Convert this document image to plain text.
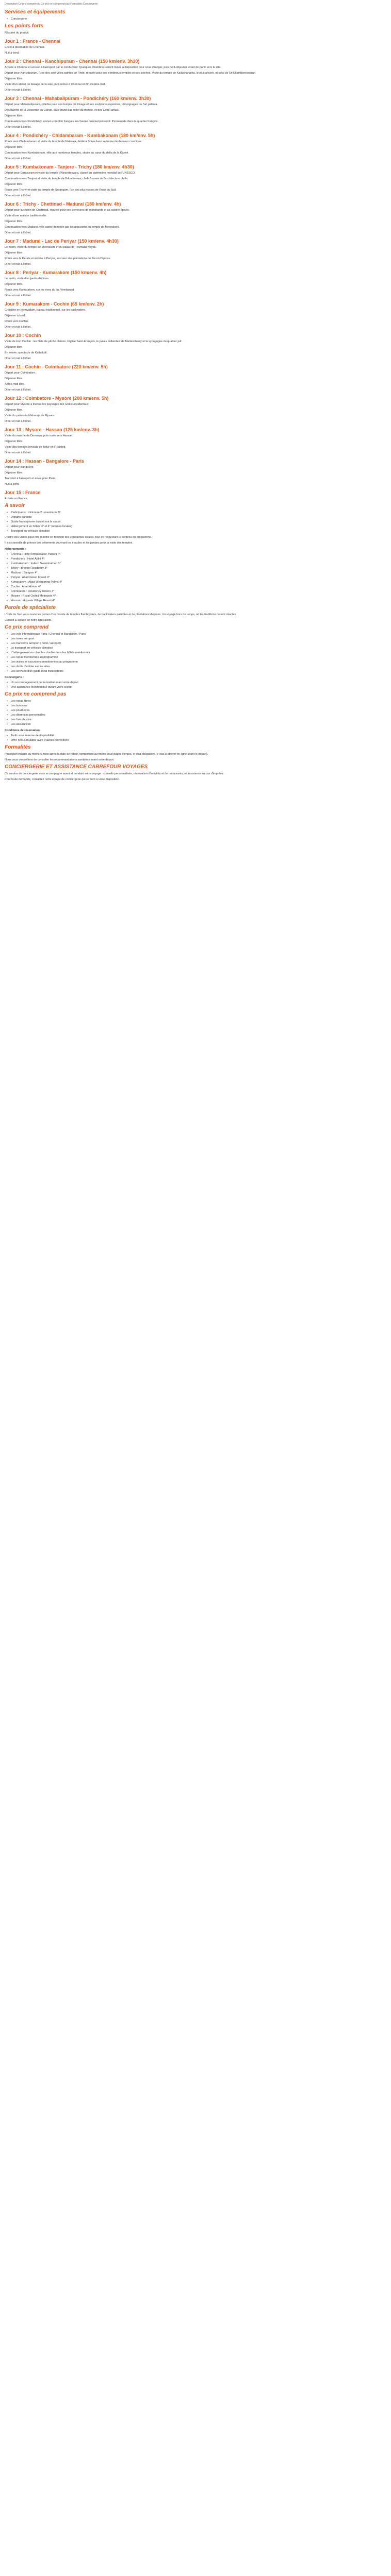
Description Ce prix comprend / Ce prix ne comprend pas Formalités Conciergerie
Services et équipements
• Conciergerie
Les points forts

Résumé du produit

Jour 1 : France - Chennai

Envol à destination de Chennai.

Nuit à bord.

Jour 2 : Chennai - Kanchipuram - Chennai (150 km/env. 3h30)

Arrivée à Chennai et accueil à l'aéroport par le conducteur. Quelques chambres seront mises à disposition pour vous changer, puis petit-déjeuner avant de partir vers le site.

Départ pour Kanchipuram, l'une des sept villes saintes de l'Inde, réputée pour ses nombreux temples et ses soieries. Visite du temple de Kailashanatha, le plus ancien, et celui de Sri Ekambareswarar.

Déjeuner libre.

Visite d'un atelier de tissage de la soie, puis retour à Chennai en fin d'après-midi.

Dîner et nuit à l'hôtel.

Jour 3 : Chennai - Mahabalipuram - Pondichéry (160 km/env. 3h30)

Départ pour Mahabalipuram, célèbre pour son temple du Rivage et ses sculptures rupestres, témoignages de l'art pallava.

Découverte de la Descente du Gange, plus grand bas-relief du monde, et des Cinq Rathas.

Déjeuner libre.

Continuation vers Pondichéry, ancien comptoir français au charme colonial préservé. Promenade dans le quartier français.

Dîner et nuit à l'hôtel.

Jour 4 : Pondichéry - Chidambaram - Kumbakonam (180 km/env. 5h)

Route vers Chidambaram et visite du temple de Nataraja, dédié à Shiva dans sa forme de danseur cosmique.

Déjeuner libre.

Continuation vers Kumbakonam, ville aux nombreux temples, située au cœur du delta de la Kaveri.

Dîner et nuit à l'hôtel.

Jour 5 : Kumbakonam - Tanjore - Trichy (180 km/env. 4h30)

Départ pour Darasuram et visite du temple d'Airavatesvara, classé au patrimoine mondial de l'UNESCO.

Continuation vers Tanjore et visite du temple de Brihadisvara, chef-d'œuvre de l'architecture chola.

Déjeuner libre.

Route vers Trichy et visite du temple de Srirangam, l'un des plus vastes de l'Inde du Sud.

Dîner et nuit à l'hôtel.

Jour 6 : Trichy - Chettinad - Madurai (180 km/env. 4h)

Départ pour la région de Chettinad, réputée pour ses demeures de marchands et sa cuisine épicée.

Visite d'une maison traditionnelle.

Déjeuner libre.

Continuation vers Madurai, ville sainte dominée par les gopurams du temple de Meenakshi.

Dîner et nuit à l'hôtel.

Jour 7 : Madurai - Lac de Periyar (150 km/env. 4h30)

Le matin, visite du temple de Meenakshi et du palais de Tirumalai Nayak.

Déjeuner libre.

Route vers le Kerala et arrivée à Periyar, au cœur des plantations de thé et d'épices.

Dîner et nuit à l'hôtel.

Jour 8 : Periyar - Kumarakom (150 km/env. 4h)

Le matin, visite d'un jardin d'épices.

Déjeuner libre.

Route vers Kumarakom, sur les rives du lac Vembanad.

Dîner et nuit à l'hôtel.

Jour 9 : Kumarakom - Cochin (65 km/env. 2h)

Croisière en kettuvallam, bateau traditionnel, sur les backwaters.

Déjeuner à bord.

Route vers Cochin.

Dîner et nuit à l'hôtel.

Jour 10 : Cochin

Visite de Fort Cochin : les filets de pêche chinois, l'église Saint-François, le palais hollandais de Mattancherry et la synagogue du quartier juif.

Déjeuner libre.

En soirée, spectacle de Kathakali.

Dîner et nuit à l'hôtel.

Jour 11 : Cochin - Coimbatore (220 km/env. 5h)

Départ pour Coimbatore.

Déjeuner libre.

Après-midi libre.

Dîner et nuit à l'hôtel.

Jour 12 : Coimbatore - Mysore (208 km/env. 5h)

Départ pour Mysore à travers les paysages des Ghâts occidentaux.

Déjeuner libre.

Visite du palais du Maharaja de Mysore.

Dîner et nuit à l'hôtel.

Jour 13 : Mysore - Hassan (125 km/env. 3h)

Visite du marché de Devaraja, puis route vers Hassan.

Déjeuner libre.

Visite des temples hoysala de Belur et d'Halebid.

Dîner et nuit à l'hôtel.

Jour 14 : Hassan - Bangalore - Paris

Départ pour Bangalore.

Déjeuner libre.

Transfert à l'aéroport et envol pour Paris.

Nuit à bord.

Jour 15 : France

Arrivée en France.

A savoir
• Participants : minimum 2 - maximum 22
• Départs garantis
• Guide francophone durant tout le circuit
• Hébergement en hôtels 3* et 4* (normes locales)
• Transport en véhicule climatisé

L'ordre des visites peut être modifié en fonction des contraintes locales, tout en respectant le contenu du programme.

Il est conseillé de prévoir des vêtements couvrant les épaules et les jambes pour la visite des temples.

Hébergements :
• Chennai : Hotel Ambassador Pallava 4*
• Pondichéry : Hotel Atithi 4*
• Kumbakonam : Indeco Swaminathan 3*
• Trichy : Breeze Residency 3*
• Madurai : Sangam 4*
• Periyar : Abad Green Forest 4*
• Kumarakom : Abad Whispering Palms 4*
• Cochin : Abad Atrium 4*
• Coimbatore : Residency Towers 4*
• Mysore : Royal Orchid Metropole 4*
• Hassan : Hoysala Village Resort 4*
Parole de spécialiste

L'Inde du Sud vous ouvre les portes d'un monde de temples flamboyants, de backwaters paisibles et de plantations d'épices. Un voyage hors du temps, où les traditions restent intactes.

Conseil & astuce de notre spécialiste.

Ce prix comprend
• Les vols internationaux Paris / Chennai et Bangalore / Paris
• Les taxes aéroport
• Les transferts aéroport / hôtel / aéroport
• Le transport en véhicule climatisé
• L'hébergement en chambre double dans les hôtels mentionnés
• Les repas mentionnés au programme
• Les visites et excursions mentionnées au programme
• Les droits d'entrée sur les sites
• Les services d'un guide local francophone
Conciergerie :
• Un accompagnement personnalisé avant votre départ
• Une assistance téléphonique durant votre séjour
Ce prix ne comprend pas
• Les repas libres
• Les boissons
• Les pourboires
• Les dépenses personnelles
• Les frais de visa
• Les assurances
Conditions de réservation :
• Tarifs sous réserve de disponibilité
• Offre non cumulable avec d'autres promotions
Formalités

Passeport valable au moins 6 mois après la date de retour, comportant au moins deux pages vierges, et visa obligatoire (e-visa à obtenir en ligne avant le départ).

Nous vous conseillons de consulter les recommandations sanitaires avant votre départ.

CONCIERGERIE ET ASSISTANCE CARREFOUR VOYAGES

Ce service de conciergerie vous accompagne avant et pendant votre voyage : conseils personnalisés, réservation d'activités et de restaurants, et assistance en cas d'imprévu.

Pour toute demande, contactez notre équipe de conciergerie qui se tient à votre disposition.
